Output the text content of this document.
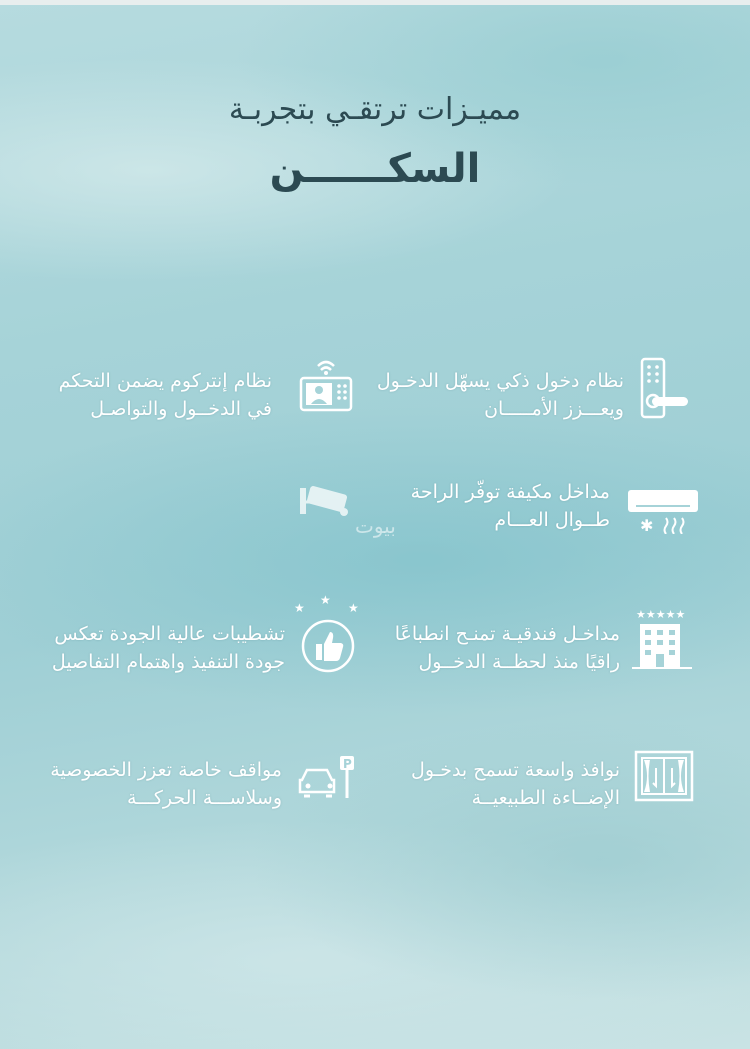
مميـزات ترتقـي بتجربـة
السكــــــن
نظام دخول ذكي يسهّل الدخـول
ويعـــزز الأمـــــان
نظام إنتركوم يضمن التحكم
في الدخــول والتواصـل
✱
مداخل مكيفة توفّر الراحة
طــوال العـــام
بيوت
★★★★★
مداخـل فندقيـة تمنـح انطباعًا
راقيًا منذ لحظــة الدخــول
★
★
★
تشطيبات عالية الجودة تعكس
جودة التنفيذ واهتمام التفاصيل
نوافذ واسعة تسمح بدخـول
الإضــاءة الطبيعيــة
P
مواقف خاصة تعزز الخصوصية
وسلاســـة الحركـــة
